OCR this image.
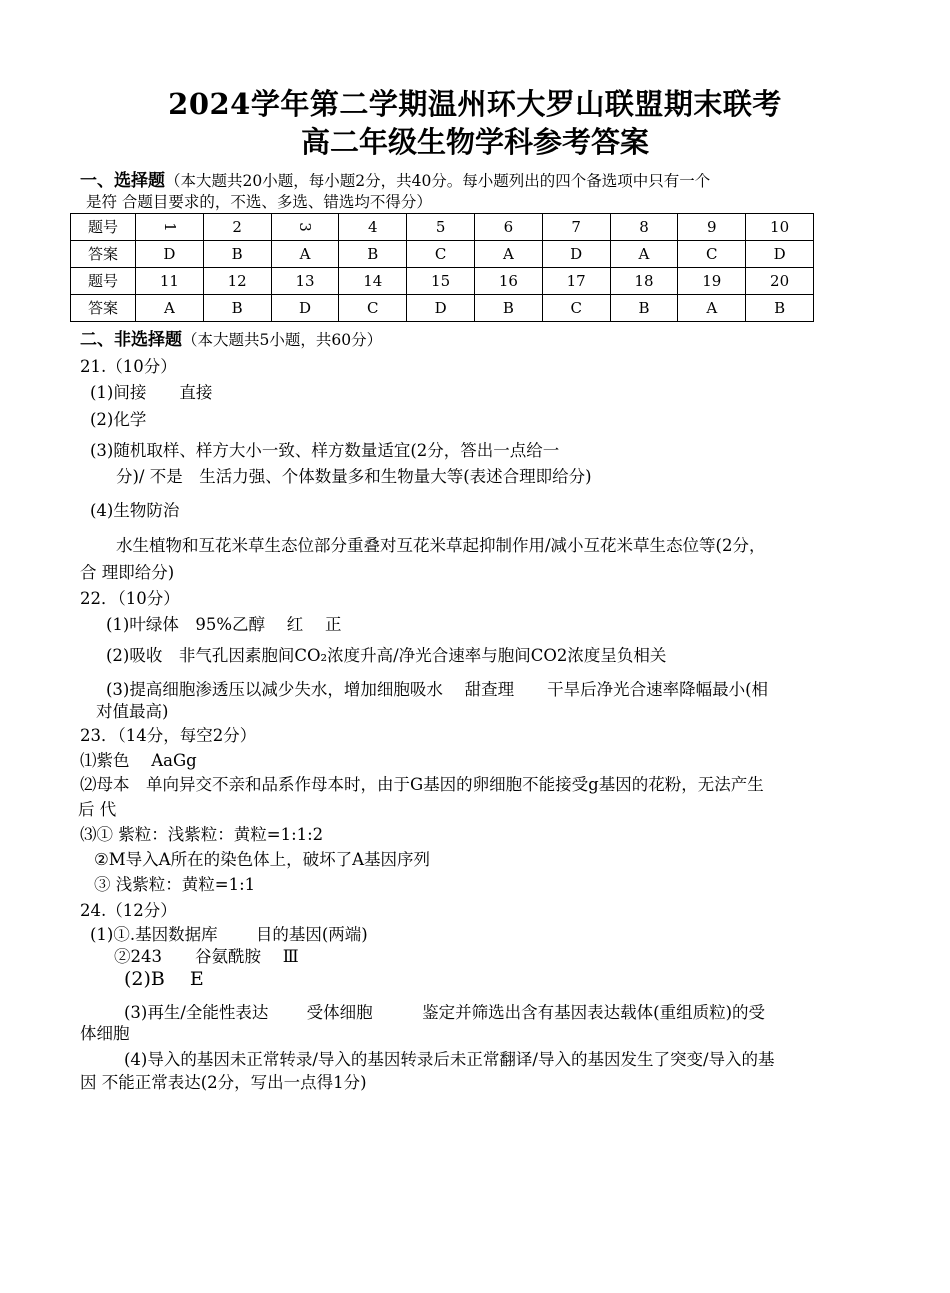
2024学年第二学期温州环大罗山联盟期末联考
高二年级生物学科参考答案
一、选择题（本大题共20小题，每小题2分，共40分。每小题列出的四个备选项中只有一个
是符 合题目要求的，不选、多选、错选均不得分）
题号	1	2	3	4	5	6	7	8	9	10
答案	D	B	A	B	C	A	D	A	C	D
题号	11	12	13	14	15	16	17	18	19	20
答案	A	B	D	C	D	B	C	B	A	B
二、非选择题（本大题共5小题，共60分）
21.（10分）
(1)间接　　直接
(2)化学
(3)随机取样、样方大小一致、样方数量适宜(2分，答出一点给一
分)/ 不是　生活力强、个体数量多和生物量大等(表述合理即给分)
(4)生物防治
水生植物和互花米草生态位部分重叠对互花米草起抑制作用/减小互花米草生态位等(2分，
合 理即给分)
22．（10分）
(1)叶绿体　95%乙醇　 红　 正
(2)吸收　非气孔因素胞间CO₂浓度升高/净光合速率与胞间CO2浓度呈负相关
(3)提高细胞渗透压以减少失水，增加细胞吸水　 甜查理　　干旱后净光合速率降幅最小(相
对值最高)
23．（14分，每空2分）
⑴紫色　 AaGg
⑵母本　单向异交不亲和品系作母本时，由于G基因的卵细胞不能接受g基因的花粉，无法产生
后 代
⑶① 紫粒：浅紫粒：黄粒=1:1:2
②M导入A所在的染色体上，破坏了A基因序列
③ 浅紫粒：黄粒=1:1
24.（12分）
(1)①.基因数据库　　 目的基因(两端)
②243　　谷氨酰胺　 Ⅲ
(2)B　 E
(3)再生/全能性表达　　 受体细胞　　　鉴定并筛选出含有基因表达载体(重组质粒)的受
体细胞
(4)导入的基因未正常转录/导入的基因转录后未正常翻译/导入的基因发生了突变/导入的基
因 不能正常表达(2分，写出一点得1分)
